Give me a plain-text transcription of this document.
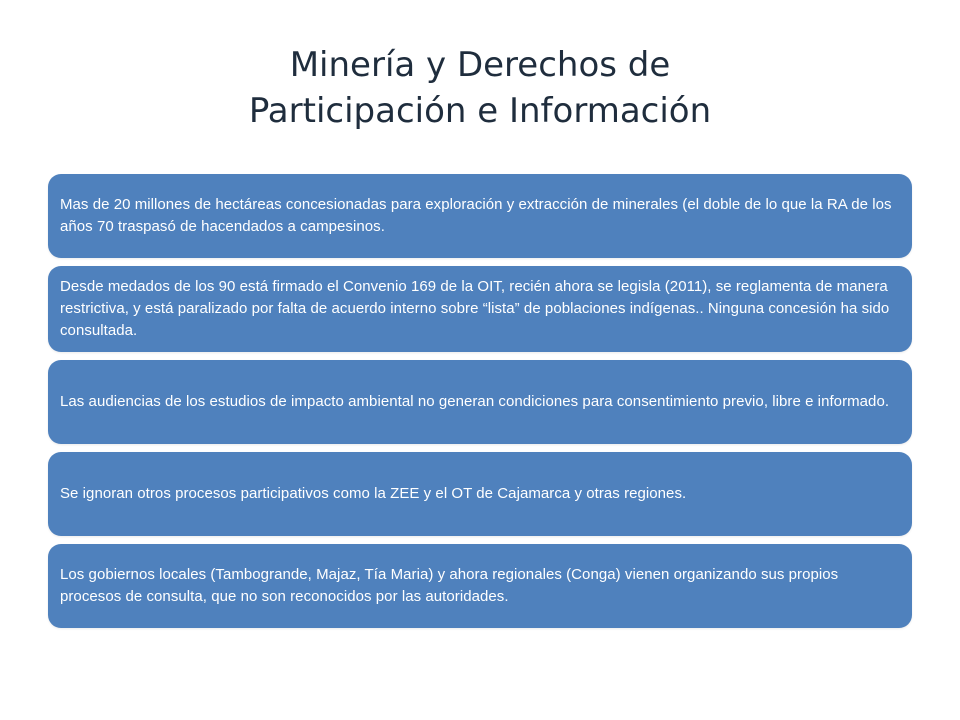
Minería y Derechos de
Participación e Información
Mas de 20 millones de hectáreas concesionadas para exploración y extracción de minerales (el doble de lo que la RA de los años 70 traspasó de hacendados a campesinos.
Desde medados de los 90 está firmado el Convenio 169 de la OIT, recién ahora se legisla (2011), se reglamenta de manera restrictiva, y está paralizado por falta de acuerdo interno sobre “lista” de poblaciones indígenas.. Ninguna concesión ha sido consultada.
Las audiencias de los estudios de impacto ambiental no generan condiciones para consentimiento previo, libre e informado.
Se ignoran otros procesos participativos como la ZEE y el OT de Cajamarca y otras regiones.
Los gobiernos locales (Tambogrande, Majaz, Tía Maria) y ahora regionales (Conga) vienen organizando sus propios procesos de consulta, que no son reconocidos por las autoridades.
